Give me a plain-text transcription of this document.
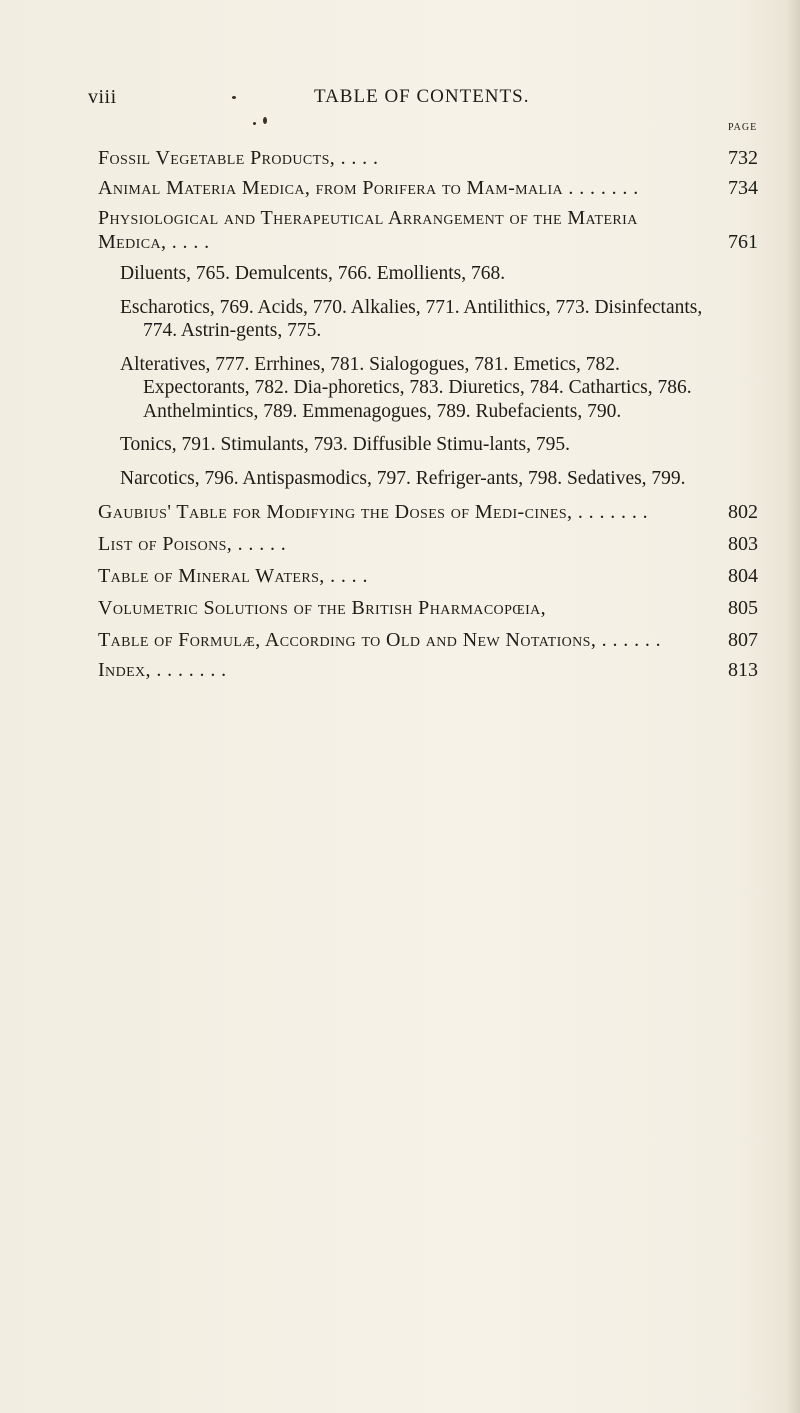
viii	TABLE OF CONTENTS.
PAGE
Fossil Vegetable Products, . . . .	732
Animal Materia Medica, from Porifera to Mam-malia . . . . . . .	734
Physiological and Therapeutical Arrangement of the Materia Medica, . . . .	761
Diluents, 765. Demulcents, 766. Emollients, 768.
Escharotics, 769. Acids, 770. Alkalies, 771. Antilithics, 773. Disinfectants, 774. Astrin-gents, 775.
Alteratives, 777. Errhines, 781. Sialogogues, 781. Emetics, 782. Expectorants, 782. Dia-phoretics, 783. Diuretics, 784. Cathartics, 786. Anthelmintics, 789. Emmenagogues, 789. Rubefacients, 790.
Tonics, 791. Stimulants, 793. Diffusible Stimu-lants, 795.
Narcotics, 796. Antispasmodics, 797. Refriger-ants, 798. Sedatives, 799.
Gaubius' Table for Modifying the Doses of Medi-cines, . . . . . . .	802
List of Poisons, . . . . .	803
Table of Mineral Waters, . . . .	804
Volumetric Solutions of the British Pharmacopœia,	805
Table of Formulæ, According to Old and New Notations, . . . . . .	807
Index, . . . . . . .	813
